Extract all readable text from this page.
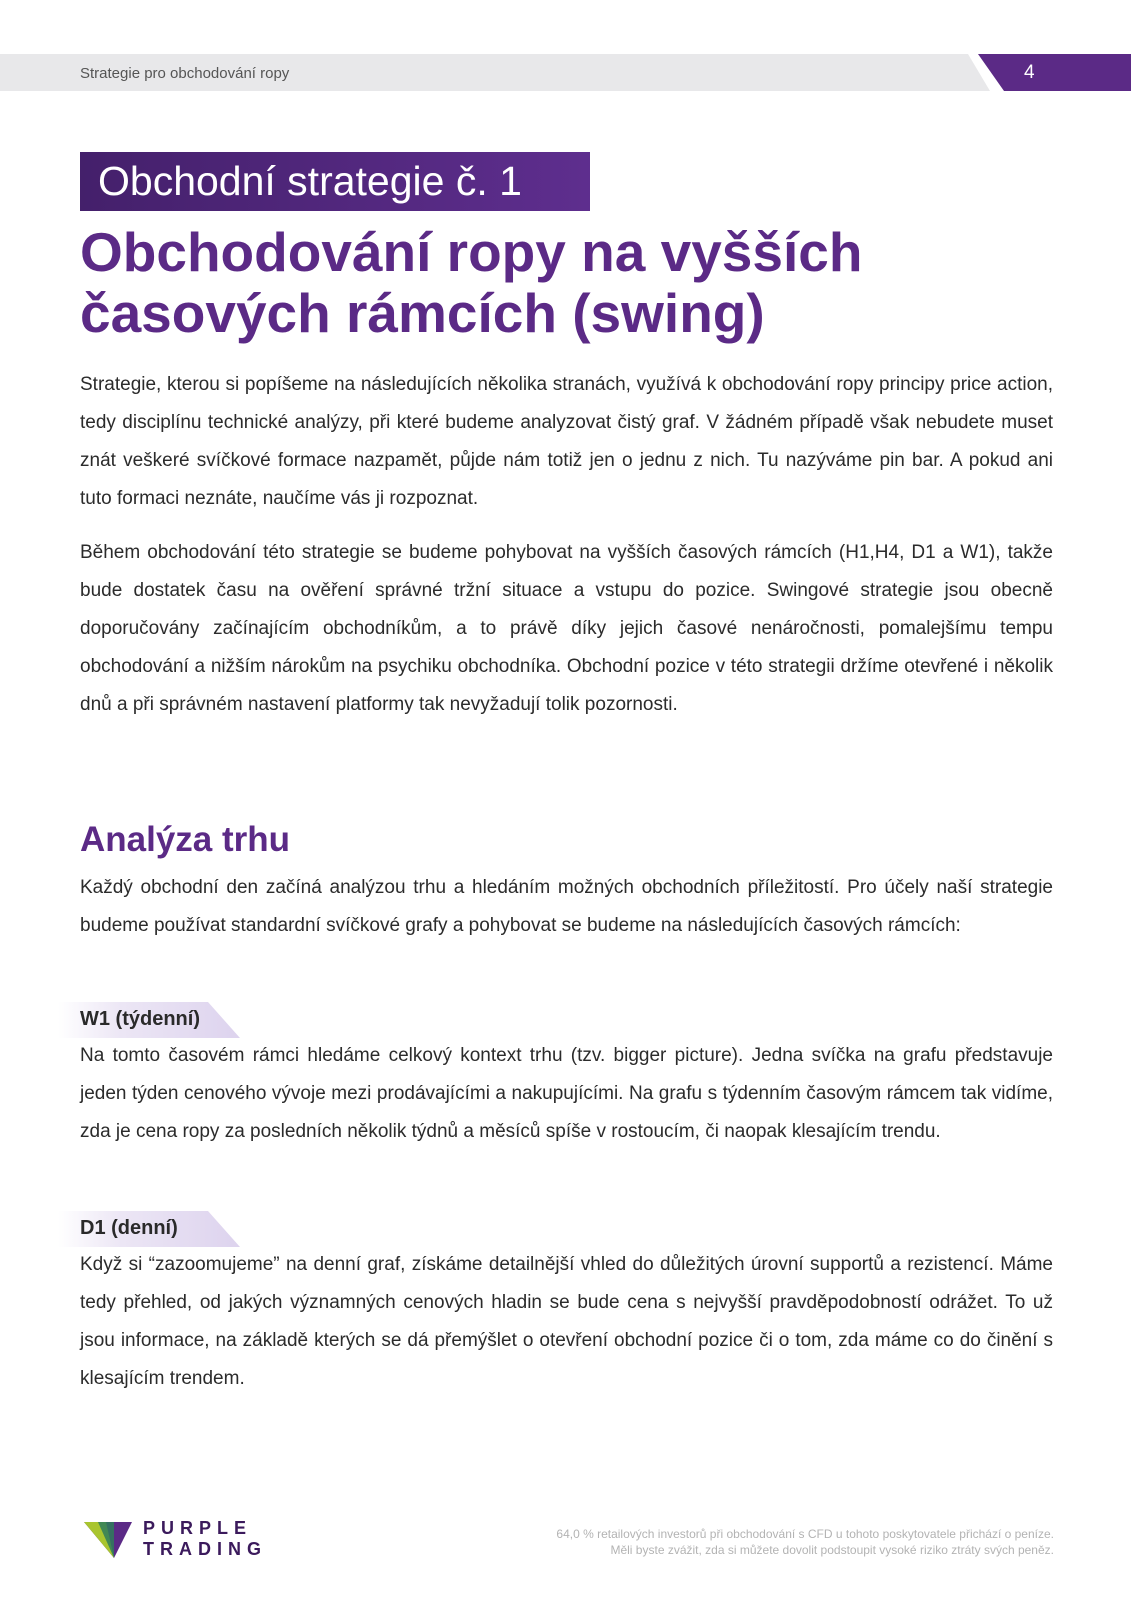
Strategie pro obchodování ropy	4
Obchodní strategie č. 1
Obchodování ropy na vyšších
časových rámcích (swing)

Strategie, kterou si popíšeme na následujících několika stranách, využívá k obchodování ropy principy price action, tedy disciplínu technické analýzy, při které budeme analyzovat čistý graf. V žádném případě však nebudete muset znát veškeré svíčkové formace nazpamět, půjde nám totiž jen o jednu z nich. Tu nazýváme pin bar. A pokud ani tuto formaci neznáte, naučíme vás ji rozpoznat.

Během obchodování této strategie se budeme pohybovat na vyšších časových rámcích (H1,H4, D1 a W1), takže bude dostatek času na ověření správné tržní situace a vstupu do pozice. Swingové strategie jsou obecně doporučovány začínajícím obchodníkům, a to právě díky jejich časové nenáročnosti, pomalejšímu tempu obchodování a nižším nárokům na psychiku obchodníka. Obchodní pozice v této strategii držíme otevřené i několik dnů a při správném nastavení platformy tak nevyžadují tolik pozornosti.

Analýza trhu

Každý obchodní den začíná analýzou trhu a hledáním možných obchodních příležitostí. Pro účely naší strategie budeme používat standardní svíčkové grafy a pohybovat se budeme na následujících časových rámcích:

W1 (týdenní)

Na tomto časovém rámci hledáme celkový kontext trhu (tzv. bigger picture). Jedna svíčka na grafu představuje jeden týden cenového vývoje mezi prodávajícími a nakupujícími. Na grafu s týdenním časovým rámcem tak vidíme, zda je cena ropy za posledních několik týdnů a měsíců spíše v rostoucím, či naopak klesajícím trendu.

D1 (denní)

Když si “zazoomujeme” na denní graf, získáme detailnější vhled do důležitých úrovní supportů a rezistencí. Máme tedy přehled, od jakých významných cenových hladin se bude cena s nejvyšší pravděpodobností odrážet. To už jsou informace, na základě kterých se dá přemýšlet o otevření obchodní pozice či o tom, zda máme co do činění s klesajícím trendem.

PURPLE
TRADING
64,0 % retailových investorů při obchodování s CFD u tohoto poskytovatele přichází o peníze.
Měli byste zvážit, zda si můžete dovolit podstoupit vysoké riziko ztráty svých peněz.
